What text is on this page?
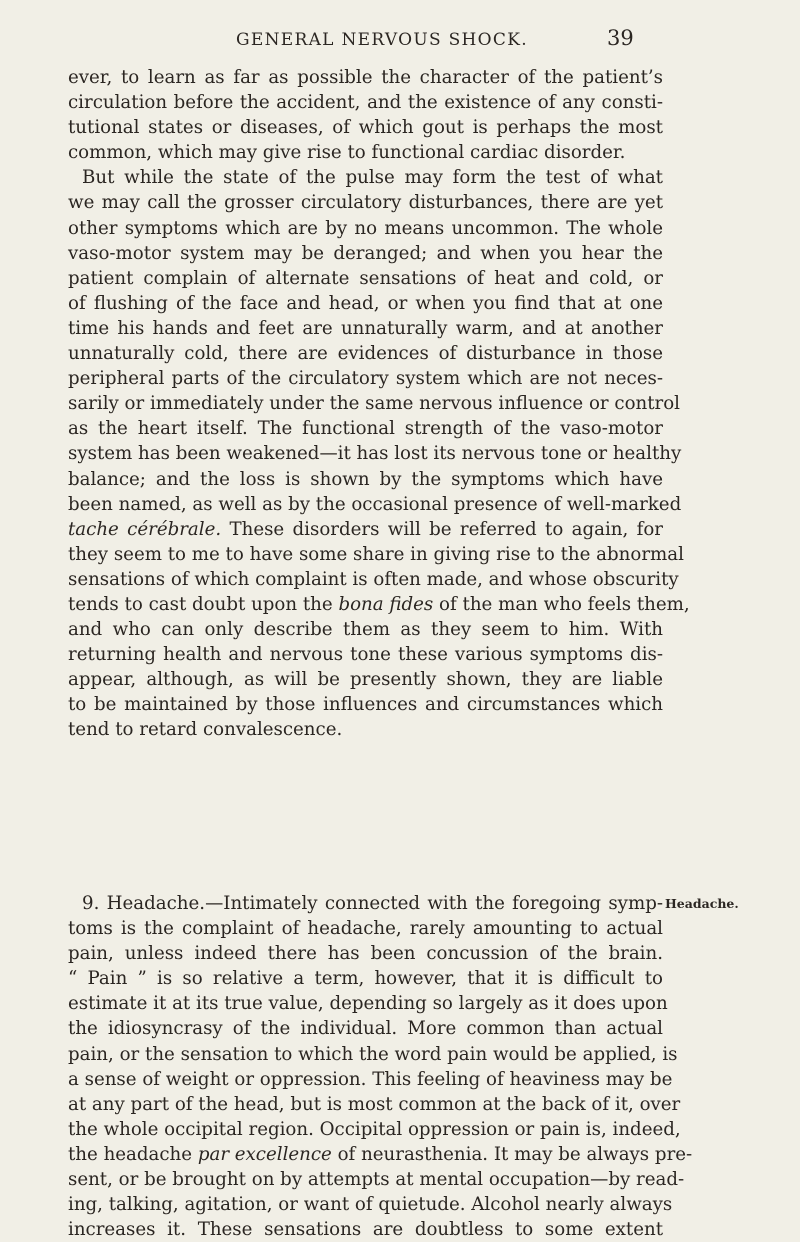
GENERAL NERVOUS SHOCK.	39
ever, to learn as far as possible the character of the patient’s
circulation before the accident, and the existence of any consti-
tutional states or diseases, of which gout is perhaps the most
common, which may give rise to functional cardiac disorder.
But while the state of the pulse may form the test of what
we may call the grosser circulatory disturbances, there are yet
other symptoms which are by no means uncommon. The whole
vaso-motor system may be deranged; and when you hear the
patient complain of alternate sensations of heat and cold, or
of flushing of the face and head, or when you find that at one
time his hands and feet are unnaturally warm, and at another
unnaturally cold, there are evidences of disturbance in those
peripheral parts of the circulatory system which are not neces-
sarily or immediately under the same nervous influence or control
as the heart itself. The functional strength of the vaso-motor
system has been weakened—it has lost its nervous tone or healthy
balance; and the loss is shown by the symptoms which have
been named, as well as by the occasional presence of well-marked
tache cérébrale. These disorders will be referred to again, for
they seem to me to have some share in giving rise to the abnormal
sensations of which complaint is often made, and whose obscurity
tends to cast doubt upon the bona fides of the man who feels them,
and who can only describe them as they seem to him. With
returning health and nervous tone these various symptoms dis-
appear, although, as will be presently shown, they are liable
to be maintained by those influences and circumstances which
tend to retard convalescence.
Headache.
9. Headache.—Intimately connected with the foregoing symp-
toms is the complaint of headache, rarely amounting to actual
pain, unless indeed there has been concussion of the brain.
“ Pain ” is so relative a term, however, that it is difficult to
estimate it at its true value, depending so largely as it does upon
the idiosyncrasy of the individual. More common than actual
pain, or the sensation to which the word pain would be applied, is
a sense of weight or oppression. This feeling of heaviness may be
at any part of the head, but is most common at the back of it, over
the whole occipital region. Occipital oppression or pain is, indeed,
the headache par excellence of neurasthenia. It may be always pre-
sent, or be brought on by attempts at mental occupation—by read-
ing, talking, agitation, or want of quietude. Alcohol nearly always
increases it. These sensations are doubtless to some extent
